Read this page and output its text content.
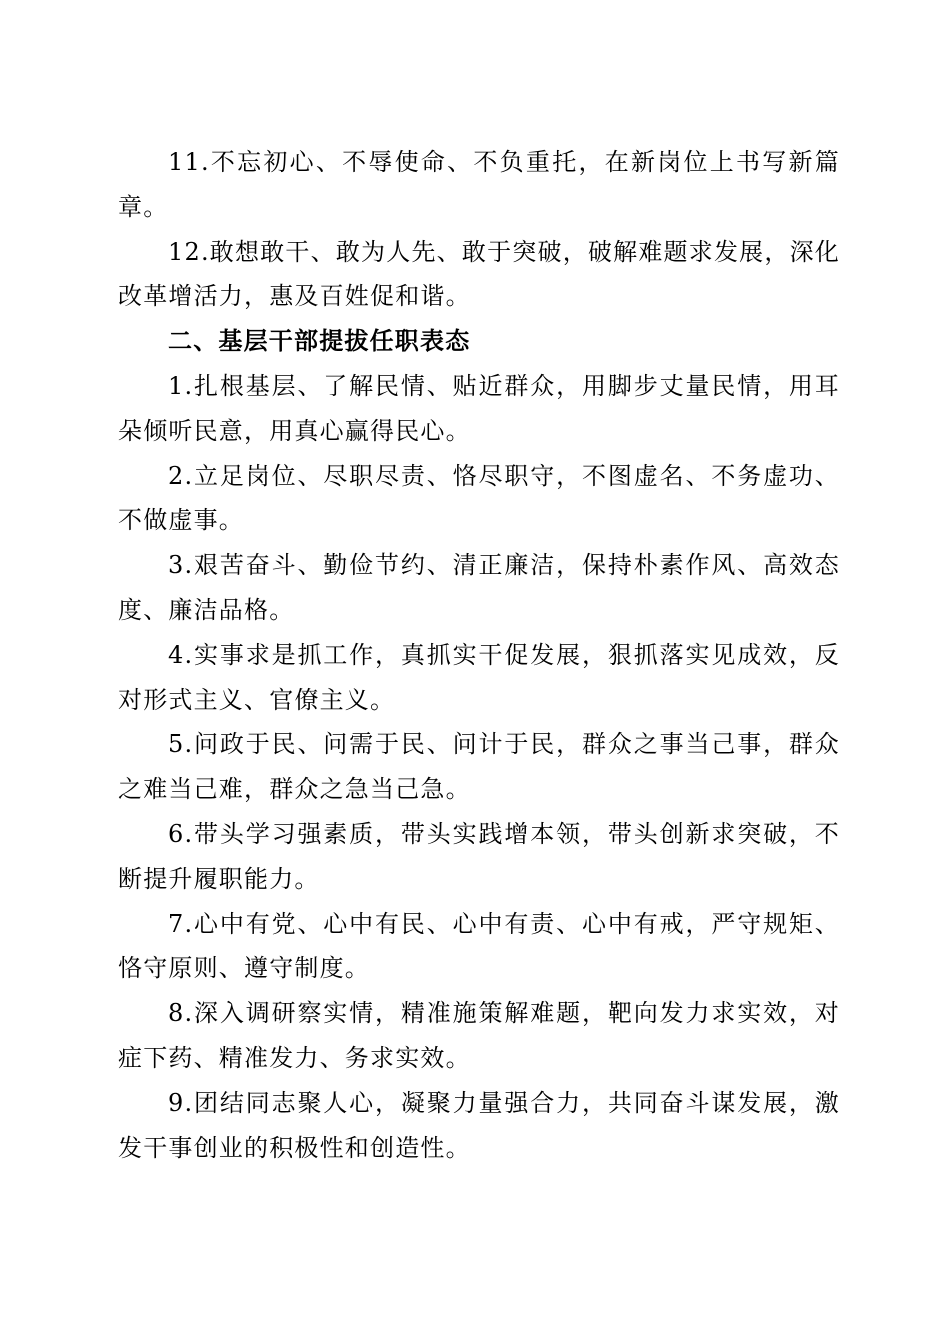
11.不忘初心、不辱使命、不负重托，在新岗位上书写新篇章。

12.敢想敢干、敢为人先、敢于突破，破解难题求发展，深化改革增活力，惠及百姓促和谐。

二、基层干部提拔任职表态

1.扎根基层、了解民情、贴近群众，用脚步丈量民情，用耳朵倾听民意，用真心赢得民心。

2.立足岗位、尽职尽责、恪尽职守，不图虚名、不务虚功、不做虚事。

3.艰苦奋斗、勤俭节约、清正廉洁，保持朴素作风、高效态度、廉洁品格。

4.实事求是抓工作，真抓实干促发展，狠抓落实见成效，反对形式主义、官僚主义。

5.问政于民、问需于民、问计于民，群众之事当己事，群众之难当己难，群众之急当己急。

6.带头学习强素质，带头实践增本领，带头创新求突破，不断提升履职能力。

7.心中有党、心中有民、心中有责、心中有戒，严守规矩、恪守原则、遵守制度。

8.深入调研察实情，精准施策解难题，靶向发力求实效，对症下药、精准发力、务求实效。

9.团结同志聚人心，凝聚力量强合力，共同奋斗谋发展，激发干事创业的积极性和创造性。
